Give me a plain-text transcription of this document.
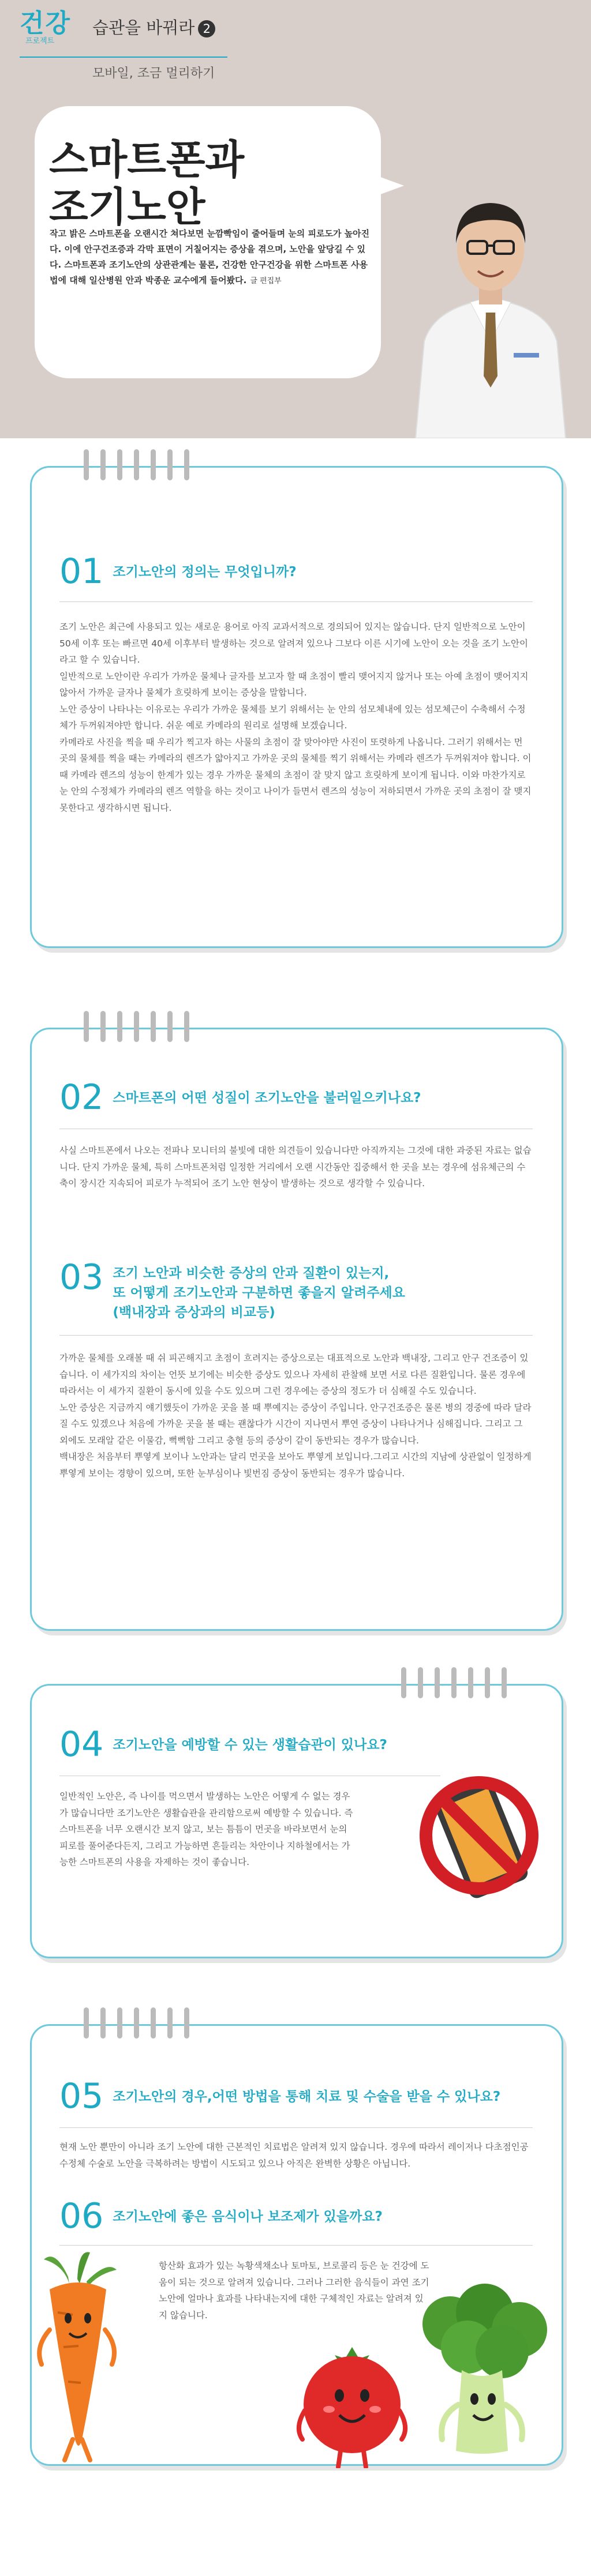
건강
프로젝트
습관을 바꿔라 2
모바일, 조금 멀리하기
스마트폰과
조기노안
작고 밝은 스마트폰을 오랜시간 쳐다보면 눈깜빡임이 줄어들며 눈의 피로도가 높아진다. 이에 안구건조증과 각막 표면이 거칠어지는 증상을 겪으며, 노안을 앞당길 수 있다. 스마트폰과 조기노안의 상관관계는 물론, 건강한 안구건강을 위한 스마트폰 사용법에 대해 일산병원 안과 박종운 교수에게 들어봤다. 글 편집부
01 조기노안의 정의는 무엇입니까?

조기 노안은 최근에 사용되고 있는 새로운 용어로 아직 교과서적으로 경의되어 있지는 않습니다. 단지 일반적으로 노안이 50세 이후 또는 빠르면 40세 이후부터 발생하는 것으로 알려져 있으나 그보다 이른 시기에 노안이 오는 것을 조기 노안이라고 할 수 있습니다.

일반적으로 노안이란 우리가 가까운 물체나 글자를 보고자 할 때 초점이 빨리 맺어지지 않거나 또는 아예 초점이 맺어지지 않아서 가까운 글자나 물체가 흐릿하게 보이는 증상을 말합니다.

노안 증상이 나타나는 이유로는 우리가 가까운 물체를 보기 위해서는 눈 안의 섬모체내에 있는 섬모체근이 수축해서 수정체가 두꺼워져야만 합니다. 쉬운 예로 카메라의 원리로 설명해 보겠습니다.

카메라로 사진을 찍을 때 우리가 찍고자 하는 사물의 초점이 잘 맞아야만 사진이 또렷하게 나옵니다. 그러기 위해서는 먼 곳의 물체를 찍을 때는 카메라의 렌즈가 얇아지고 가까운 곳의 물체를 찍기 위해서는 카메라 렌즈가 두꺼워져야 합니다. 이때 카메라 렌즈의 성능이 한계가 있는 경우 가까운 물체의 초점이 잘 맞지 않고 흐릿하게 보이게 됩니다. 이와 마찬가지로 눈 안의 수정체가 카메라의 렌즈 역할을 하는 것이고 나이가 들면서 렌즈의 성능이 저하되면서 가까운 곳의 초점이 잘 맺지 못한다고 생각하시면 됩니다.

02 스마트폰의 어떤 성질이 조기노안을 불러일으키나요?

사실 스마트폰에서 나오는 전파나 모니터의 불빛에 대한 의견들이 있습니다만 아직까지는 그것에 대한 과중된 자료는 없습니다. 단지 가까운 물체, 특히 스마트폰처럼 일정한 거리에서 오랜 시간동안 집중해서 한 곳을 보는 경우에 섬유체근의 수축이 장시간 지속되어 피로가 누적되어 조기 노안 현상이 발생하는 것으로 생각할 수 있습니다.

03 조기 노안과 비슷한 증상의 안과 질환이 있는지,
또 어떻게 조기노안과 구분하면 좋을지 알려주세요
(백내장과 증상과의 비교등)

가까운 물체를 오래볼 때 쉬 피곤해지고 초점이 흐려지는 증상으로는 대표적으로 노안과 백내장, 그리고 안구 건조증이 있습니다. 이 세가지의 차이는 언뜻 보기에는 비슷한 증상도 있으나 자세히 관찰해 보면 서로 다른 질환입니다. 물론 경우에 따라서는 이 세가지 질환이 동시에 있을 수도 있으며 그런 경우에는 증상의 정도가 더 심해질 수도 있습니다.

노안 증상은 지금까지 얘기했듯이 가까운 곳을 볼 때 뿌예지는 증상이 주입니다. 안구건조증은 물론 병의 경중에 따라 달라 질 수도 있겠으나 처음에 가까운 곳을 볼 때는 괜찮다가 시간이 지나면서 뿌연 증상이 나타나거나 심해집니다. 그리고 그 외에도 모래알 같은 이물감, 뻑뻑함 그리고 충혈 등의 증상이 같이 동반되는 경우가 많습니다.

백내장은 처음부터 뿌옇게 보이나 노안과는 달리 먼곳을 보아도 뿌옇게 보입니다.그리고 시간의 지남에 상관없이 일정하게 뿌옇게 보이는 경향이 있으며, 또한 눈부심이나 빛번짐 증상이 동반되는 경우가 많습니다.

04 조기노안을 예방할 수 있는 생활습관이 있나요?

일반적인 노안은, 즉 나이를 먹으면서 발생하는 노안은 어떻게 수 없는 경우가 많습니다만 조기노안은 생활습관을 관리함으로써 예방할 수 있습니다. 즉 스마트폰을 너무 오랜시간 보지 않고, 보는 틈틈이 먼곳을 바라보면서 눈의 피로를 풀어준다든지, 그리고 가능하면 흔들리는 차안이나 지하철에서는 가능한 스마트폰의 사용을 자제하는 것이 좋습니다.

05 조기노안의 경우,어떤 방법을 통해 치료 및 수술을 받을 수 있나요?

현재 노안 뿐만이 아니라 조기 노안에 대한 근본적인 치료법은 알려져 있지 않습니다. 경우에 따라서 레이저나 다초점인공수정체 수술로 노안을 극복하려는 방법이 시도되고 있으나 아직은 완벽한 상황은 아닙니다.

06 조기노안에 좋은 음식이나 보조제가 있을까요?

항산화 효과가 있는 녹황색채소나 토마토, 브로콜리 등은 눈 건강에 도움이 되는 것으로 알려져 있습니다. 그러나 그러한 음식들이 과연 조기노안에 얼마나 효과를 나타내는지에 대한 구체적인 자료는 알려져 있지 않습니다.
